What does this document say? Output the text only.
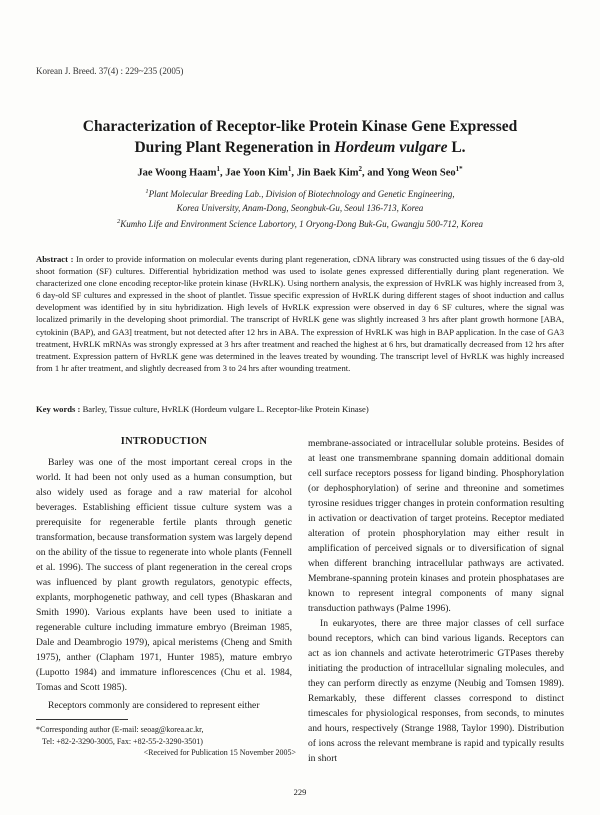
Korean J. Breed. 37(4) : 229~235 (2005)
Characterization of Receptor-like Protein Kinase Gene Expressed
During Plant Regeneration in Hordeum vulgare L.
Jae Woong Haam$^1$, Jae Yoon Kim$^1$, Jin Baek Kim$^2$, and Yong Weon Seo$^{1*}$
$^1$Plant Molecular Breeding Lab., Division of Biotechnology and Genetic Engineering,
Korea University, Anam-Dong, Seongbuk-Gu, Seoul 136-713, Korea
$^2$Kumho Life and Environment Science Labortory, 1 Oryong-Dong Buk-Gu, Gwangju 500-712, Korea
Abstract : In order to provide information on molecular events during plant regeneration, cDNA library was constructed using tissues of the 6 day-old shoot formation (SF) cultures. Differential hybridization method was used to isolate genes expressed differentially during plant regeneration. We characterized one clone encoding receptor-like protein kinase (HvRLK). Using northern analysis, the expression of HvRLK was highly increased from 3, 6 day-old SF cultures and expressed in the shoot of plantlet. Tissue specific expression of HvRLK during different stages of shoot induction and callus development was identified by in situ hybridization. High levels of HvRLK expression were observed in day 6 SF cultures, where the signal was localized primarily in the developing shoot primordial. The transcript of HvRLK gene was slightly increased 3 hrs after plant growth hormone [ABA, cytokinin (BAP), and GA3] treatment, but not detected after 12 hrs in ABA. The expression of HvRLK was high in BAP application. In the case of GA3 treatment, HvRLK mRNAs was strongly expressed at 3 hrs after treatment and reached the highest at 6 hrs, but dramatically decreased from 12 hrs after treatment. Expression pattern of HvRLK gene was determined in the leaves treated by wounding. The transcript level of HvRLK was highly increased from 1 hr after treatment, and slightly decreased from 3 to 24 hrs after wounding treatment.
Key words : Barley, Tissue culture, HvRLK (Hordeum vulgare L. Receptor-like Protein Kinase)
INTRODUCTION

Barley was one of the most important cereal crops in the world. It had been not only used as a human consumption, but also widely used as forage and a raw material for alcohol beverages. Establishing efficient tissue culture system was a prerequisite for regenerable fertile plants through genetic transformation, because transformation system was largely depend on the ability of the tissue to regenerate into whole plants (Fennell et al. 1996). The success of plant regeneration in the cereal crops was influenced by plant growth regulators, genotypic effects, explants, morphogenetic pathway, and cell types (Bhaskaran and Smith 1990). Various explants have been used to initiate a regenerable culture including immature embryo (Breiman 1985, Dale and Deambrogio 1979), apical meristems (Cheng and Smith 1975), anther (Clapham 1971, Hunter 1985), mature embryo (Lupotto 1984) and immature inflorescences (Chu et al. 1984, Tomas and Scott 1985).

Receptors commonly are considered to represent either

membrane-associated or intracellular soluble proteins. Besides of at least one transmembrane spanning domain additional domain cell surface receptors possess for ligand binding. Phosphorylation (or dephosphorylation) of serine and threonine and sometimes tyrosine residues trigger changes in protein conformation resulting in activation or deactivation of target proteins. Receptor mediated alteration of protein phosphorylation may either result in amplification of perceived signals or to diversification of signal when different branching intracellular pathways are activated. Membrane-spanning protein kinases and protein phosphatases are known to represent integral components of many signal transduction pathways (Palme 1996).

In eukaryotes, there are three major classes of cell surface bound receptors, which can bind various ligands. Receptors can act as ion channels and activate heterotrimeric GTPases thereby initiating the production of intracellular signaling molecules, and they can perform directly as enzyme (Neubig and Tomsen 1989). Remarkably, these different classes correspond to distinct timescales for physiological responses, from seconds, to minutes and hours, respectively (Strange 1988, Taylor 1990). Distribution of ions across the relevant membrane is rapid and typically results in short

*Corresponding author (E-mail: seoag@korea.ac.kr,
Tel: +82-2-3290-3005, Fax: +82-55-2-3290-3501)
<Received for Publication 15 November 2005>
229
